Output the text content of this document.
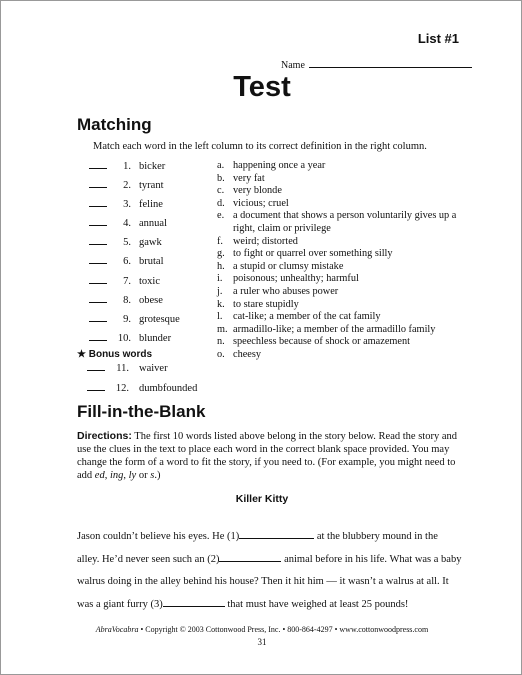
List #1
Name
Test
Matching
Match each word in the left column to its correct definition in the right column.
1. bicker
2. tyrant
3. feline
4. annual
5. gawk
6. brutal
7. toxic
8. obese
9. grotesque
10. blunder
★ Bonus words
11. waiver
12. dumbfounded
a. happening once a year
b. very fat
c. very blonde
d. vicious; cruel
e. a document that shows a person voluntarily gives up a right, claim or privilege
f. weird; distorted
g. to fight or quarrel over something silly
h. a stupid or clumsy mistake
i. poisonous; unhealthy; harmful
j. a ruler who abuses power
k. to stare stupidly
l. cat-like; a member of the cat family
m. armadillo-like; a member of the armadillo family
n. speechless because of shock or amazement
o. cheesy
Fill-in-the-Blank
Directions: The first 10 words listed above belong in the story below. Read the story and use the clues in the text to place each word in the correct blank space provided. You may change the form of a word to fit the story, if you need to. (For example, you might need to add ed, ing, ly or s.)
Killer Kitty
Jason couldn’t believe his eyes. He (1)	at the blubbery mound in the alley. He’d never seen such an (2)	animal before in his life. What was a baby walrus doing in the alley behind his house? Then it hit him — it wasn’t a walrus at all. It was a giant furry (3)	that must have weighed at least 25 pounds!
AbraVocabra • Copyright © 2003 Cottonwood Press, Inc. • 800-864-4297 • www.cottonwoodpress.com
31
